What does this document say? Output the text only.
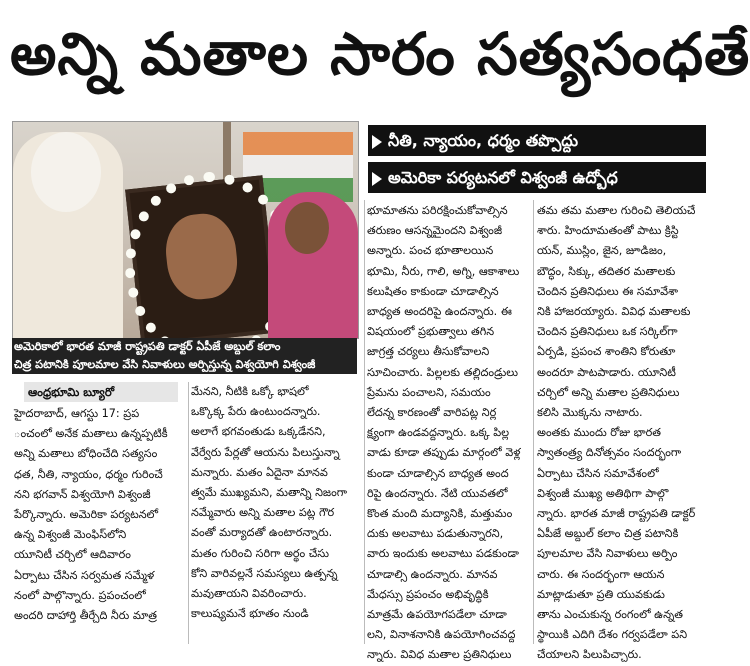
అన్ని మతాల సారం సత్యసంధతే
అమెరికాలో భారత మాజీ రాష్ట్రపతి డాక్టర్ ఏపీజే అబ్దుల్ కలాం
చిత్ర పటానికి పూలమాల వేసి నివాళులు అర్పిస్తున్న విశ్వయోగి విశ్వంజీ
నీతి, న్యాయం, ధర్మం తప్పొద్దు
అమెరికా పర్యటనలో విశ్వంజీ ఉద్బోధ
ఆంధ్రభూమి బ్యూరో
హైదరాబాద్, ఆగస్టు 17: ప్రప
ంచంలో అనేక మతాలు ఉన్నప్పటికీ
అన్ని మతాలు బోధించేది సత్యసం
ధత, నీతి, న్యాయం, ధర్మం గురించే
నని భగవాన్ విశ్వయోగి విశ్వంజీ
పేర్కొన్నారు. అమెరికా పర్యటనలో
ఉన్న విశ్వంజీ మెంఫిస్‌లోని
యూనిటీ చర్చిలో ఆదివారం
ఏర్పాటు చేసిన సర్వమత సమ్మేళ
నంలో పాల్గొన్నారు. ప్రపంచంలో
అందరి దాహార్తి తీర్చేది నీరు మాత్ర
మేనని, నీటికి ఒక్కో భాషలో
ఒక్కొక్క పేరు ఉంటుందన్నారు.
అలాగే భగవంతుడు ఒక్కడేనని,
వేర్వేరు పేర్లతో ఆయను పిలుస్తున్నా
మన్నారు. మతం ఏదైనా మానవ
త్వమే ముఖ్యమని, మతాన్ని నిజంగా
నమ్మేవారు అన్ని మతాల పట్ల గౌర
వంతో మర్యాదతో ఉంటారన్నారు.
మతం గురించి సరిగా అర్థం చేసు
కోని వారివల్లనే సమస్యలు ఉత్పన్న
మవుతాయని వివరించారు.
కాలుష్యమనే భూతం నుండి
భూమాతను పరిరక్షించుకోవాల్సిన
తరుణం ఆసన్నమైందని విశ్వంజీ
అన్నారు. పంచ భూతాలయిన
భూమి, నీరు, గాలి, అగ్ని, ఆకాశాలు
కలుషితం కాకుండా చూడాల్సిన
బాధ్యత అందరిపై ఉందన్నారు. ఈ
విషయంలో ప్రభుత్వాలు తగిన
జాగ్రత్త చర్యలు తీసుకోవాలని
సూచించారు. పిల్లలకు తల్లిదండ్రులు
ప్రేమను పంచాలని, సమయం
లేదన్న కారణంతో వారిపట్ల నిర్ల
క్ష్యంగా ఉండవద్దన్నారు. ఒక్క పిల్ల
వాడు కూడా తప్పుడు మార్గంలో వెళ్ల
కుండా చూడాల్సిన బాధ్యత అంద
రిపై ఉందన్నారు. నేటి యువతలో
కొంత మంది మద్యానికి, మత్తుమం
దుకు అలవాటు పడుతున్నారని,
వారు ఇందుకు అలవాటు పడకుండా
చూడాల్సి ఉందన్నారు. మానవ
మేధస్సు ప్రపంచం అభివృద్ధికి
మాత్రమే ఉపయోగపడేలా చూడా
లని, వినాశనానికి ఉపయోగించవద్ద
న్నారు. వివిధ మతాల ప్రతినిధులు
తమ తమ మతాల గురించి తెలియచే
శారు. హిందూమతంతో పాటు క్రిస్టి
యన్, ముస్లిం, జైన, జూడిజం,
బౌద్ధం, సిక్కు, తదితర మతాలకు
చెందిన ప్రతినిధులు ఈ సమావేశా
నికి హాజరయ్యారు. వివిధ మతాలకు
చెందిన ప్రతినిధులు ఒక సర్కిల్‌గా
ఏర్పడి, ప్రపంచ శాంతిని కోరుతూ
అందరూ పాటపాడారు. యూనిటీ
చర్చిలో అన్ని మతాల ప్రతినిధులు
కలిసి మొక్కను నాటారు.
అంతకు ముందు రోజు భారత
స్వాతంత్ర్య దినోత్సవం సందర్భంగా
ఏర్పాటు చేసిన సమావేశంలో
విశ్వంజీ ముఖ్య అతిథిగా పాల్గొ
న్నారు. భారత మాజీ రాష్ట్రపతి డాక్టర్
ఏపీజే అబ్దుల్ కలాం చిత్ర పటానికి
పూలమాల వేసి నివాళులు అర్పిం
చారు. ఈ సందర్భంగా ఆయన
మాట్లాడుతూ ప్రతి యువకుడు
తాను ఎంచుకున్న రంగంలో ఉన్నత
స్థాయికి ఎదిగి దేశం గర్వపడేలా పని
చేయాలని పిలుపిచ్చారు.
